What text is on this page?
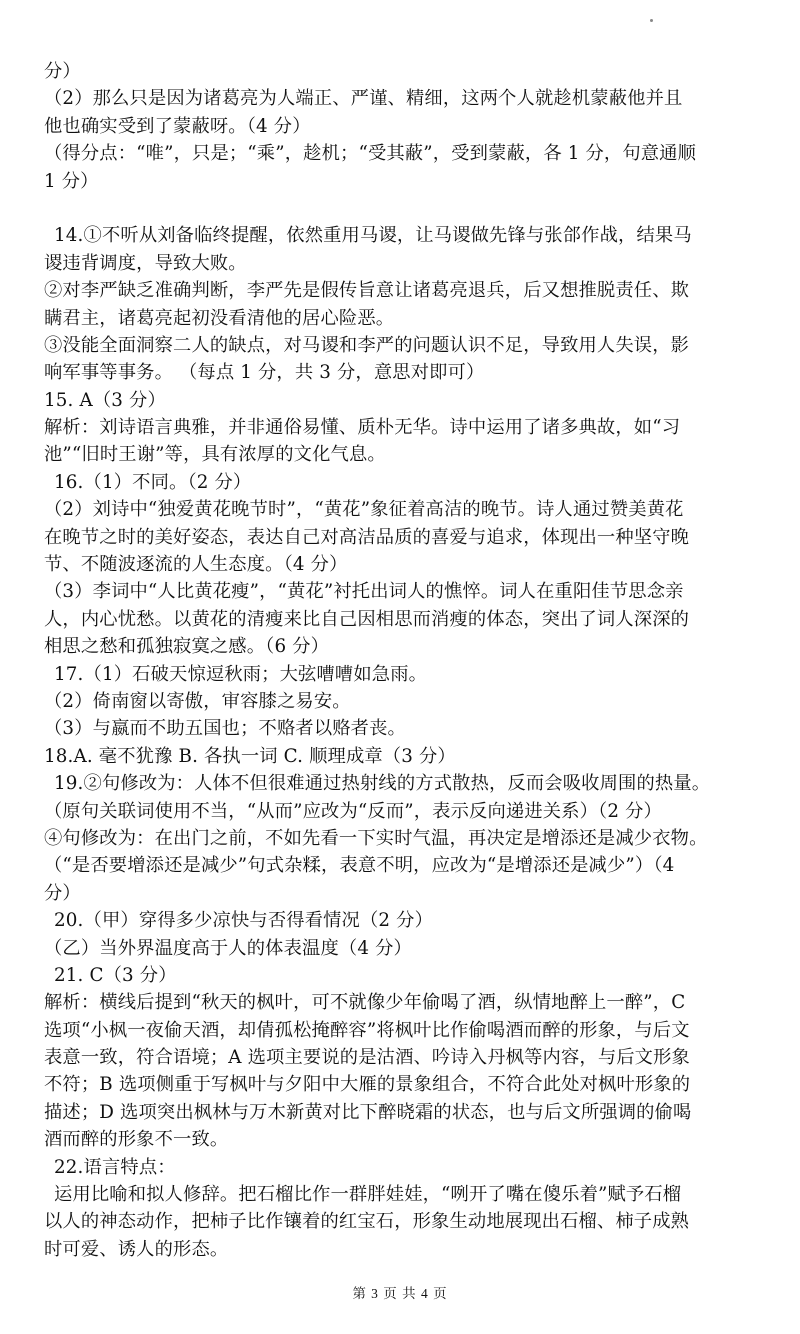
分）
（2）那么只是因为诸葛亮为人端正、严谨、精细，这两个人就趁机蒙蔽他并且
他也确实受到了蒙蔽呀。（4 分）
（得分点：“唯”，只是；“乘”，趁机；“受其蔽”，受到蒙蔽，各 1 分，句意通顺
1 分）
14.①不听从刘备临终提醒，依然重用马谡，让马谡做先锋与张郃作战，结果马
谡违背调度，导致大败。
②对李严缺乏准确判断，李严先是假传旨意让诸葛亮退兵，后又想推脱责任、欺
瞒君主，诸葛亮起初没看清他的居心险恶。
③没能全面洞察二人的缺点，对马谡和李严的问题认识不足，导致用人失误，影
响军事等事务。 （每点 1 分，共 3 分，意思对即可）
15. A（3 分）
解析：刘诗语言典雅，并非通俗易懂、质朴无华。诗中运用了诸多典故，如“习
池”“旧时王谢”等，具有浓厚的文化气息。
16.（1）不同。（2 分）
（2）刘诗中“独爱黄花晚节时”，“黄花”象征着高洁的晚节。诗人通过赞美黄花
在晚节之时的美好姿态，表达自己对高洁品质的喜爱与追求，体现出一种坚守晚
节、不随波逐流的人生态度。（4 分）
（3）李词中“人比黄花瘦”，“黄花”衬托出词人的憔悴。词人在重阳佳节思念亲
人，内心忧愁。以黄花的清瘦来比自己因相思而消瘦的体态，突出了词人深深的
相思之愁和孤独寂寞之感。（6 分）
17.（1）石破天惊逗秋雨；大弦嘈嘈如急雨。
（2）倚南窗以寄傲，审容膝之易安。
（3）与嬴而不助五国也；不赂者以赂者丧。
18.A. 毫不犹豫 B. 各执一词 C. 顺理成章（3 分）
19.②句修改为：人体不但很难通过热射线的方式散热，反而会吸收周围的热量。
（原句关联词使用不当，“从而”应改为“反而”，表示反向递进关系）（2 分）
④句修改为：在出门之前，不如先看一下实时气温，再决定是增添还是减少衣物。
（“是否要增添还是减少”句式杂糅，表意不明，应改为“是增添还是减少”）（4
分）
20.（甲）穿得多少凉快与否得看情况（2 分）
（乙）当外界温度高于人的体表温度（4 分）
21. C（3 分）
解析：横线后提到“秋天的枫叶，可不就像少年偷喝了酒，纵情地醉上一醉”，C
选项“小枫一夜偷天酒，却倩孤松掩醉容”将枫叶比作偷喝酒而醉的形象，与后文
表意一致，符合语境；A 选项主要说的是沽酒、吟诗入丹枫等内容，与后文形象
不符；B 选项侧重于写枫叶与夕阳中大雁的景象组合，不符合此处对枫叶形象的
描述；D 选项突出枫林与万木新黄对比下醉晓霜的状态，也与后文所强调的偷喝
酒而醉的形象不一致。
22.语言特点：
运用比喻和拟人修辞。把石榴比作一群胖娃娃，“咧开了嘴在傻乐着”赋予石榴
以人的神态动作，把柿子比作镶着的红宝石，形象生动地展现出石榴、柿子成熟
时可爱、诱人的形态。
第 3 页 共 4 页
